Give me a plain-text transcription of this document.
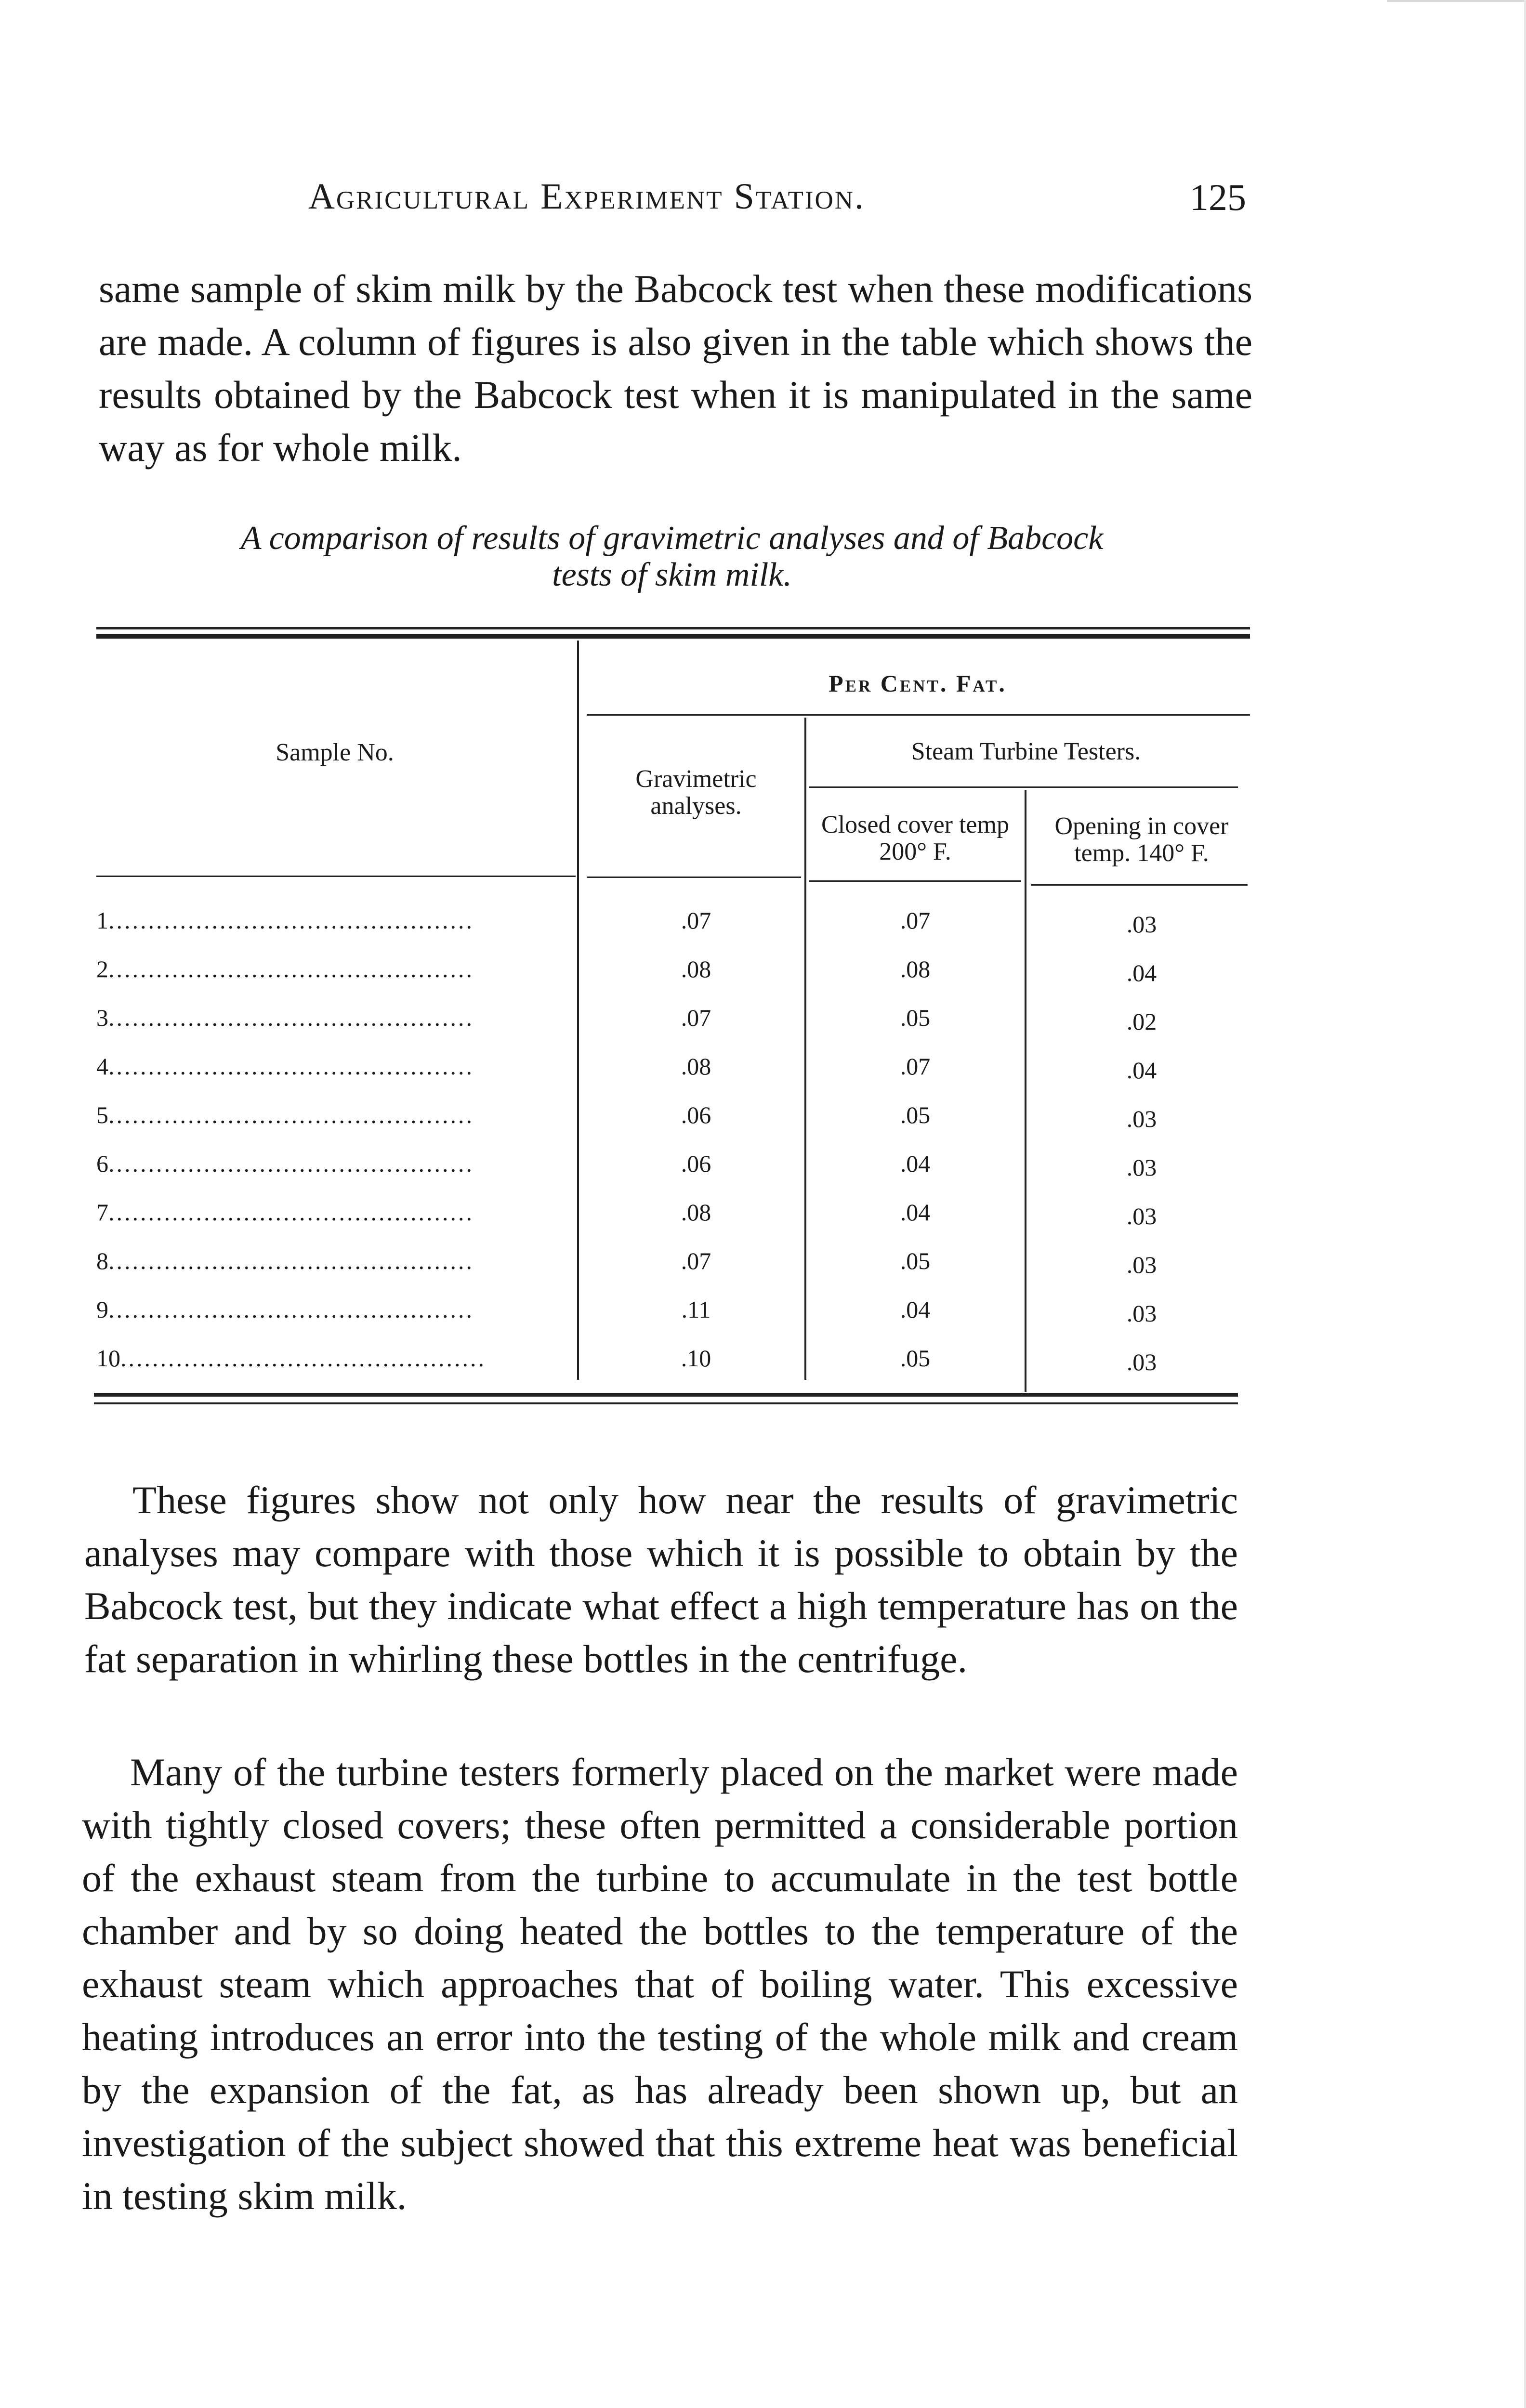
Agricultural Experiment Station.	125

same sample of skim milk by the Babcock test when these modifications are made. A column of figures is also given in the table which shows the results obtained by the Babcock test when it is manipulated in the same way as for whole milk.

A comparison of results of gravimetric analyses and of Babcock
tests of skim milk.
Per Cent. Fat.
Sample No.
Gravimetric analyses.
Steam Turbine Testers.
Closed cover temp 200° F.
Opening in cover temp. 140° F.
1..............................................	.07	.07	.03
2..............................................	.08	.08	.04
3..............................................	.07	.05	.02
4..............................................	.08	.07	.04
5..............................................	.06	.05	.03
6..............................................	.06	.04	.03
7..............................................	.08	.04	.03
8..............................................	.07	.05	.03
9..............................................	.11	.04	.03
10..............................................	.10	.05	.03

These figures show not only how near the results of gravimetric analyses may compare with those which it is possible to obtain by the Babcock test, but they indicate what effect a high temperature has on the fat separation in whirling these bottles in the centrifuge.

Many of the turbine testers formerly placed on the market were made with tightly closed covers; these often permitted a considerable portion of the exhaust steam from the turbine to accumulate in the test bottle chamber and by so doing heated the bottles to the temperature of the exhaust steam which approaches that of boiling water. This excessive heating introduces an error into the testing of the whole milk and cream by the expansion of the fat, as has already been shown up, but an investigation of the subject showed that this extreme heat was beneficial in testing skim milk.
